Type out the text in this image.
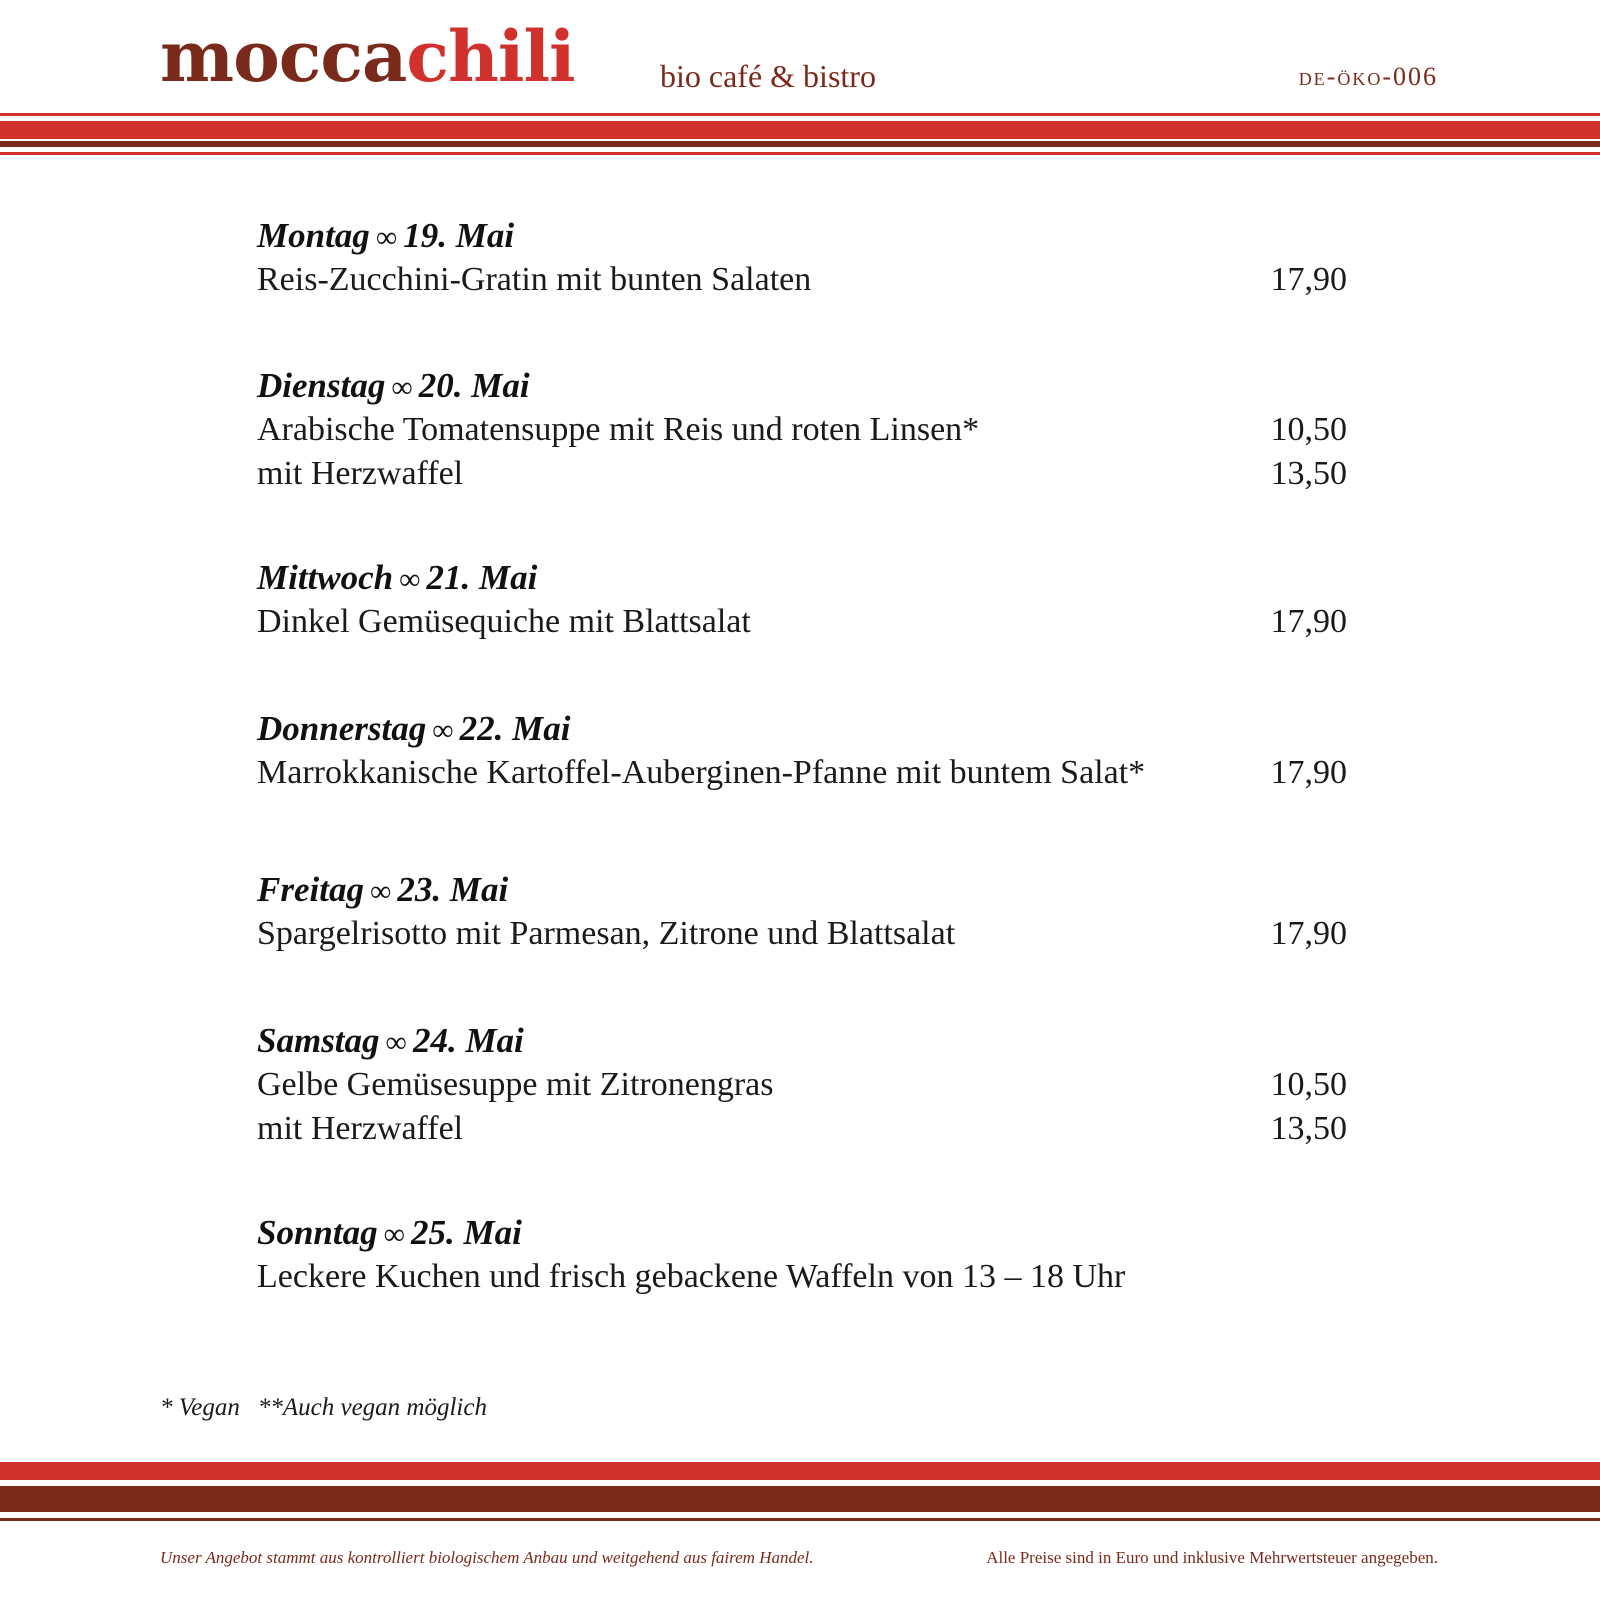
moccachili	bio café & bistro	de-öko-006
Montag ∞ 19. Mai
Reis-Zucchini-Gratin mit bunten Salaten	17,90
Dienstag ∞ 20. Mai
Arabische Tomatensuppe mit Reis und roten Linsen*	10,50
mit Herzwaffel	13,50
Mittwoch ∞ 21. Mai
Dinkel Gemüsequiche mit Blattsalat	17,90
Donnerstag ∞ 22. Mai
Marrokkanische Kartoffel-Auberginen-Pfanne mit buntem Salat*	17,90
Freitag ∞ 23. Mai
Spargelrisotto mit Parmesan, Zitrone und Blattsalat	17,90
Samstag ∞ 24. Mai
Gelbe Gemüsesuppe mit Zitronengras	10,50
mit Herzwaffel	13,50
Sonntag ∞ 25. Mai
Leckere Kuchen und frisch gebackene Waffeln von 13 – 18 Uhr
* Vegan **Auch vegan möglich
Unser Angebot stammt aus kontrolliert biologischem Anbau und weitgehend aus fairem Handel.	Alle Preise sind in Euro und inklusive Mehrwertsteuer angegeben.
